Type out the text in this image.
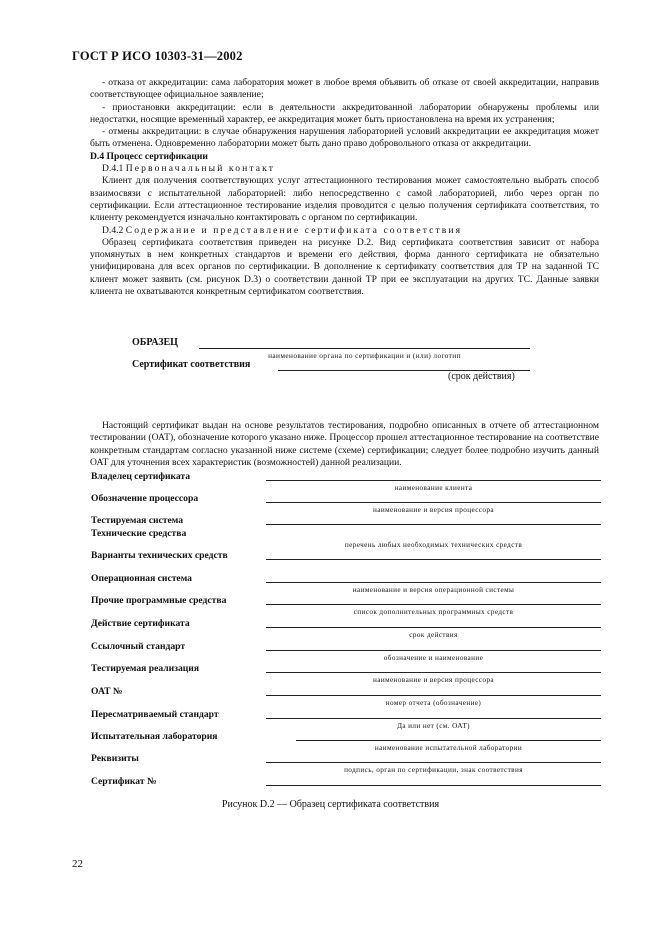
ГОСТ Р ИСО 10303-31—2002

- отказа от аккредитации: сама лаборатория может в любое время объявить об отказе от своей аккредитации, направив соответствующее официальное заявление;

- приостановки аккредитации: если в деятельности аккредитованной лаборатории обнаружены проблемы или недостатки, носящие временный характер, ее аккредитация может быть приостановлена на время их устранения;

- отмены аккредитации: в случае обнаружения нарушения лабораторией условий аккредитации ее аккредитация может быть отменена. Одновременно лаборатории может быть дано право добровольного отказа от аккредитации.

D.4 Процесс сертификации

D.4.1 Первоначальный контакт

Клиент для получения соответствующих услуг аттестационного тестирования может самостоятельно выбрать способ взаимосвязи с испытательной лабораторией: либо непосредственно с самой лабораторией, либо через орган по сертификации. Если аттестационное тестирование изделия проводится с целью получения сертификата соответствия, то клиенту рекомендуется изначально контактировать с органом по сертификации.

D.4.2 Содержание и представление сертификата соответствия

Образец сертификата соответствия приведен на рисунке D.2. Вид сертификата соответствия зависит от набора упомянутых в нем конкретных стандартов и времени его действия, форма данного сертификата не обязательно унифицирована для всех органов по сертификации. В дополнение к сертификату соответствия для ТР на заданной ТС клиент может заявить (см. рисунок D.3) о соответствии данной ТР при ее эксплуатации на других ТС. Данные заявки клиента не охватываются конкретным сертификатом соответствия.

ОБРАЗЕЦ
наименование органа по сертификации и (или) логотип
Сертификат соответствия
(срок действия)

Настоящий сертификат выдан на основе результатов тестирования, подробно описанных в отчете об аттестационном тестировании (ОАТ), обозначение которого указано ниже. Процессор прошел аттестационное тестирование на соответствие конкретным стандартам согласно указанной ниже системе (схеме) сертификации; следует более подробно изучить данный ОАТ для уточнения всех характеристик (возможностей) данной реализации.

Владелец сертификата
наименование клиента
Обозначение процессора
наименование и версия процессора
Тестируемая система
Технические средства
перечень любых необходимых технических средств
Варианты технических средств
Операционная система
наименование и версия операционной системы
Прочие программные средства
список дополнительных программных средств
Действие сертификата
срок действия
Ссылочный стандарт
обозначение и наименование
Тестируемая реализация
наименование и версия процессора
ОАТ №
номер отчета (обозначение)
Пересматриваемый стандарт
Да или нет (см. ОАТ)
Испытательная лаборатория
наименование испытательной лаборатории
Реквизиты
подпись, орган по сертификации, знак соответствия
Сертификат №
Рисунок D.2 — Образец сертификата соответствия
22
